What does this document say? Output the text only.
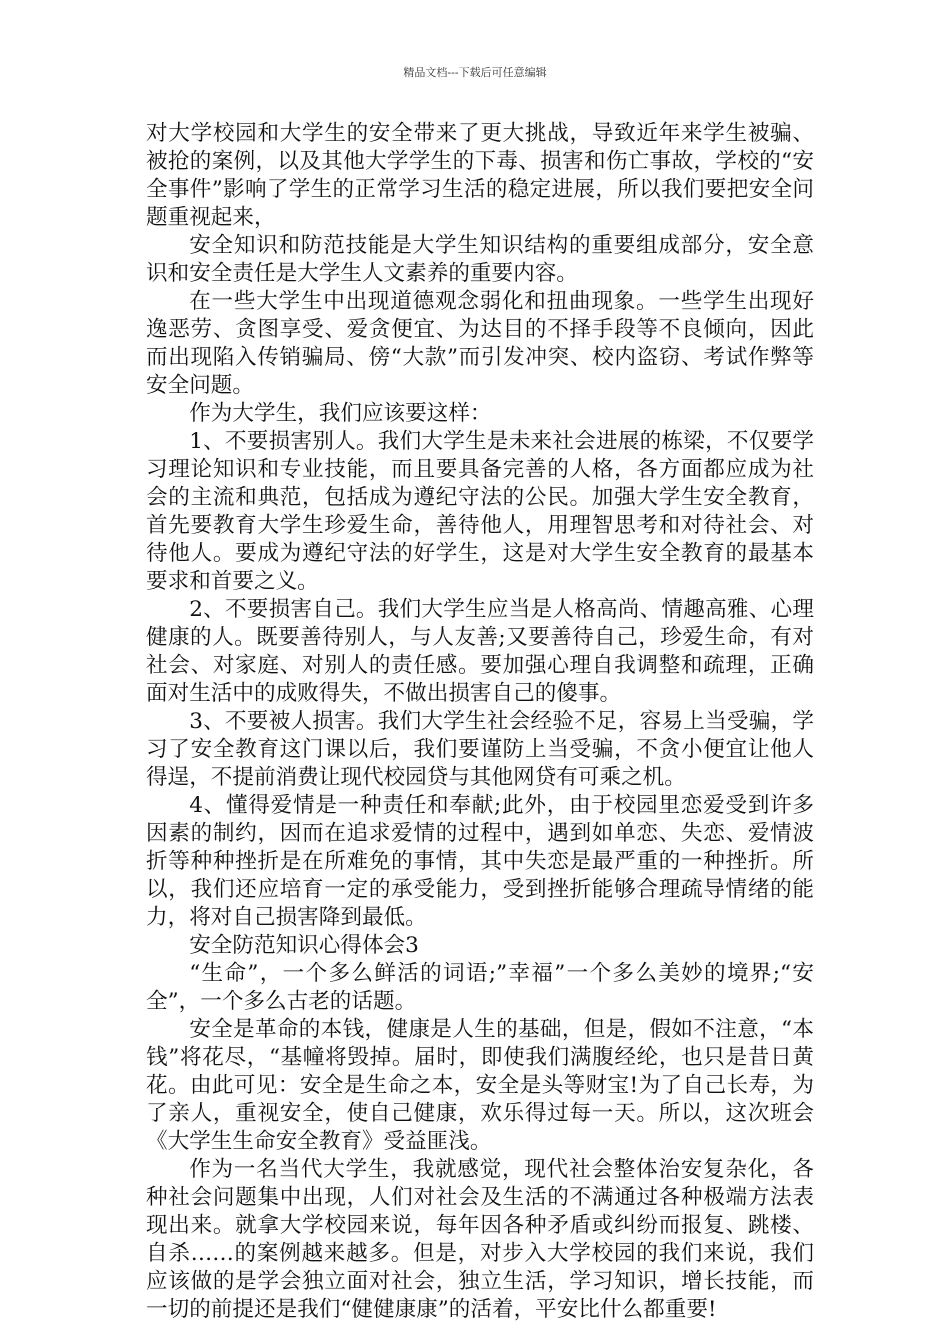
精品文档---下载后可任意编辑

对大学校园和大学生的安全带来了更大挑战，导致近年来学生被骗、被抢的案例，以及其他大学学生的下毒、损害和伤亡事故，学校的“安全事件”影响了学生的正常学习生活的稳定进展，所以我们要把安全问题重视起来，

安全知识和防范技能是大学生知识结构的重要组成部分，安全意识和安全责任是大学生人文素养的重要内容。

在一些大学生中出现道德观念弱化和扭曲现象。一些学生出现好逸恶劳、贪图享受、爱贪便宜、为达目的不择手段等不良倾向，因此而出现陷入传销骗局、傍“大款”而引发冲突、校内盗窃、考试作弊等安全问题。

作为大学生，我们应该要这样：

1、不要损害别人。我们大学生是未来社会进展的栋梁，不仅要学习理论知识和专业技能，而且要具备完善的人格，各方面都应成为社会的主流和典范，包括成为遵纪守法的公民。加强大学生安全教育，首先要教育大学生珍爱生命，善待他人，用理智思考和对待社会、对待他人。要成为遵纪守法的好学生，这是对大学生安全教育的最基本要求和首要之义。

2、不要损害自己。我们大学生应当是人格高尚、情趣高雅、心理健康的人。既要善待别人，与人友善;又要善待自己，珍爱生命，有对社会、对家庭、对别人的责任感。要加强心理自我调整和疏理，正确面对生活中的成败得失，不做出损害自己的傻事。

3、不要被人损害。我们大学生社会经验不足，容易上当受骗，学习了安全教育这门课以后，我们要谨防上当受骗，不贪小便宜让他人得逞，不提前消费让现代校园贷与其他网贷有可乘之机。

4、懂得爱情是一种责任和奉献;此外，由于校园里恋爱受到许多因素的制约，因而在追求爱情的过程中，遇到如单恋、失恋、爱情波折等种种挫折是在所难免的事情，其中失恋是最严重的一种挫折。所以，我们还应培育一定的承受能力，受到挫折能够合理疏导情绪的能力，将对自己损害降到最低。

安全防范知识心得体会3

“生命”，一个多么鲜活的词语;”幸福”一个多么美妙的境界;“安全”，一个多么古老的话题。

安全是革命的本钱，健康是人生的基础，但是，假如不注意，“本钱”将花尽，“基幢将毁掉。届时，即使我们满腹经纶，也只是昔日黄花。由此可见：安全是生命之本，安全是头等财宝!为了自己长寿，为了亲人，重视安全，使自己健康，欢乐得过每一天。所以，这次班会《大学生生命安全教育》受益匪浅。

作为一名当代大学生，我就感觉，现代社会整体治安复杂化，各种社会问题集中出现，人们对社会及生活的不满通过各种极端方法表现出来。就拿大学校园来说，每年因各种矛盾或纠纷而报复、跳楼、自杀……的案例越来越多。但是，对步入大学校园的我们来说，我们应该做的是学会独立面对社会，独立生活，学习知识，增长技能，而一切的前提还是我们“健健康康”的活着，平安比什么都重要!
